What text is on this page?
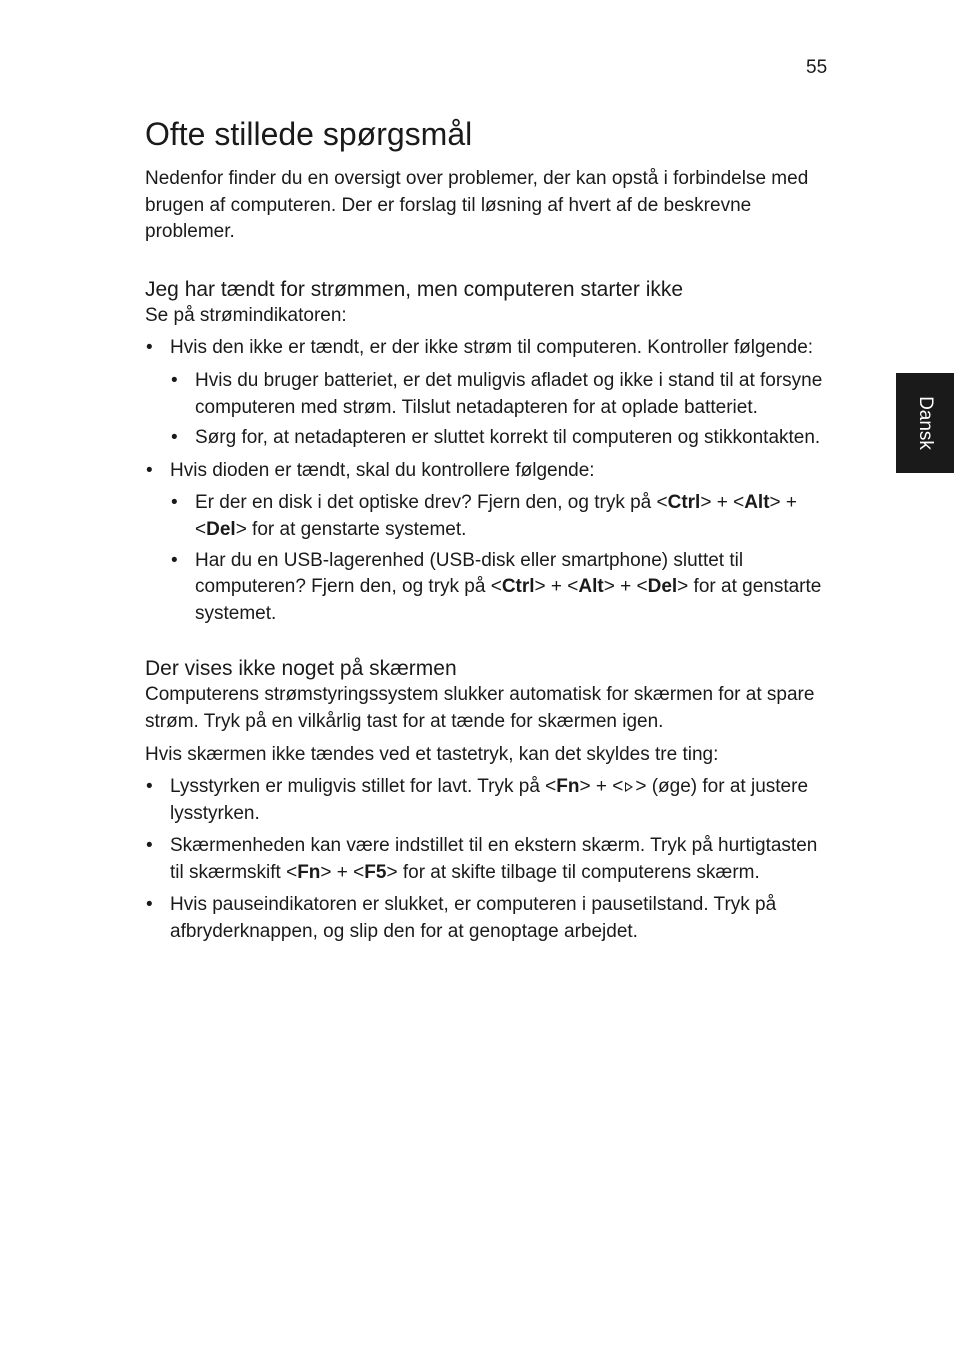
55
Dansk
Ofte stillede spørgsmål

Nedenfor finder du en oversigt over problemer, der kan opstå i forbindelse med brugen af computeren. Der er forslag til løsning af hvert af de beskrevne problemer.

Jeg har tændt for strømmen, men computeren starter ikke

Se på strømindikatoren:

• Hvis den ikke er tændt, er der ikke strøm til computeren. Kontroller følgende:
• Hvis du bruger batteriet, er det muligvis afladet og ikke i stand til at forsyne computeren med strøm. Tilslut netadapteren for at oplade batteriet.
• Sørg for, at netadapteren er sluttet korrekt til computeren og stikkontakten.
• Hvis dioden er tændt, skal du kontrollere følgende:
• Er der en disk i det optiske drev? Fjern den, og tryk på <Ctrl> + <Alt> + <Del> for at genstarte systemet.
• Har du en USB-lagerenhed (USB-disk eller smartphone) sluttet til computeren? Fjern den, og tryk på <Ctrl> + <Alt> + <Del> for at genstarte systemet.
Der vises ikke noget på skærmen

Computerens strømstyringssystem slukker automatisk for skærmen for at spare strøm. Tryk på en vilkårlig tast for at tænde for skærmen igen.

Hvis skærmen ikke tændes ved et tastetryk, kan det skyldes tre ting:

• Lysstyrken er muligvis stillet for lavt. Tryk på <Fn> + < > (øge) for at justere lysstyrken.
• Skærmenheden kan være indstillet til en ekstern skærm. Tryk på hurtigtasten til skærmskift <Fn> + <F5> for at skifte tilbage til computerens skærm.
• Hvis pauseindikatoren er slukket, er computeren i pausetilstand. Tryk på afbryderknappen, og slip den for at genoptage arbejdet.
